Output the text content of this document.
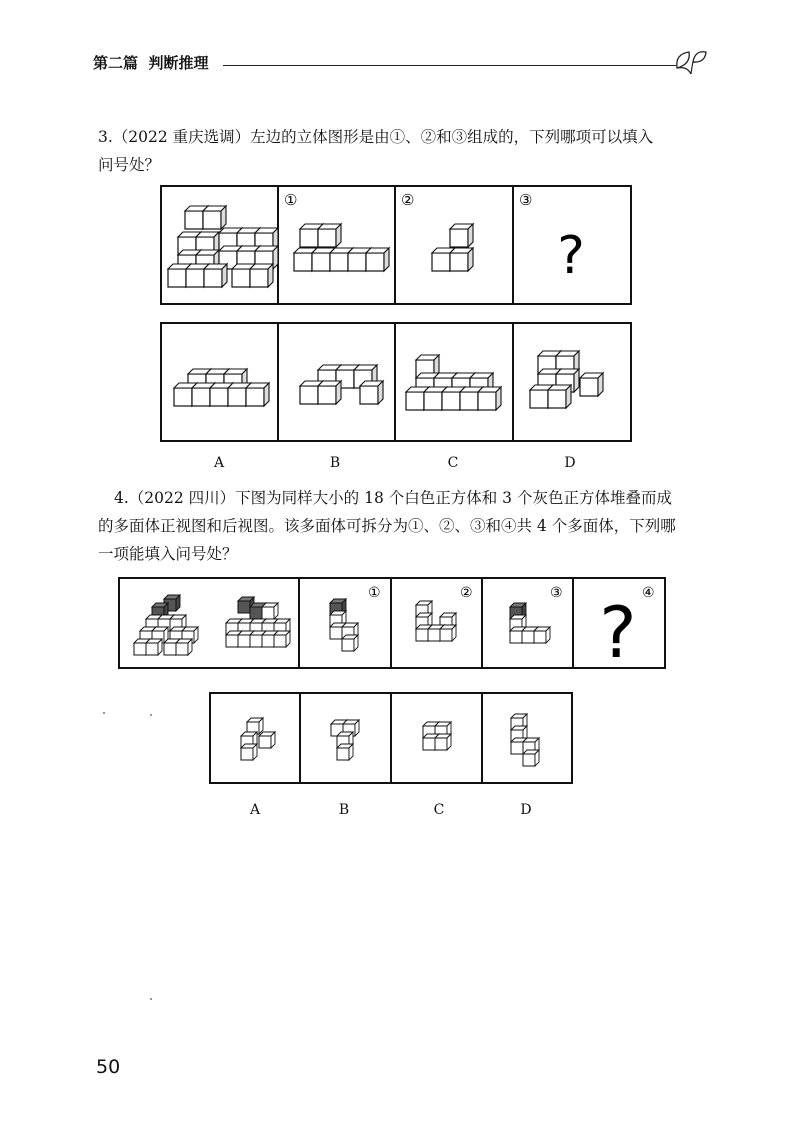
第二篇 判断推理

3.（2022 重庆选调）左边的立体图形是由①、②和③组成的，下列哪项可以填入

问号处？

①	②	③
?
A	B	C	D

4.（2022 四川）下图为同样大小的 18 个白色正方体和 3 个灰色正方体堆叠而成

的多面体正视图和后视图。该多面体可拆分为①、②、③和④共 4 个多面体，下列哪

一项能填入问号处？

①	②	③	④
?
A	B	C	D
50
